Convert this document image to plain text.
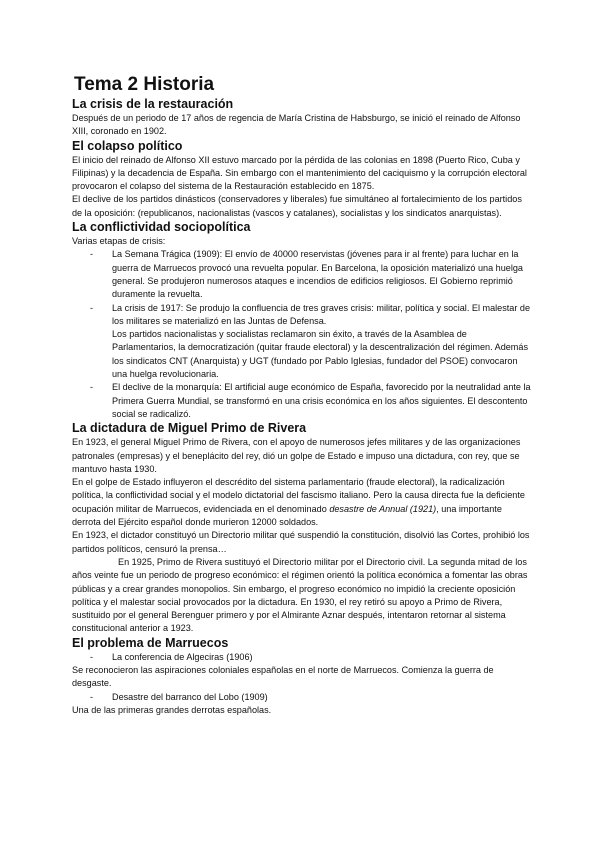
Tema 2 Historia
La crisis de la restauración

Después de un periodo de 17 años de regencia de María Cristina de Habsburgo, se inició el reinado de Alfonso XIII, coronado en 1902.

El colapso político

El inicio del reinado de Alfonso XII estuvo marcado por la pérdida de las colonias en 1898 (Puerto Rico, Cuba y Filipinas) y la decadencia de España. Sin embargo con el mantenimiento del caciquismo y la corrupción electoral provocaron el colapso del sistema de la Restauración establecido en 1875.

El declive de los partidos dinásticos (conservadores y liberales) fue simultáneo al fortalecimiento de los partidos de la oposición: (republicanos, nacionalistas (vascos y catalanes), socialistas y los sindicatos anarquistas).

La conflictividad sociopolítica

Varias etapas de crisis:

- La Semana Trágica (1909): El envío de 40000 reservistas (jóvenes para ir al frente) para luchar en la guerra de Marruecos provocó una revuelta popular. En Barcelona, la oposición materializó una huelga general. Se produjeron numerosos ataques e incendios de edificios religiosos. El Gobierno reprimió duramente la revuelta.
- La crisis de 1917: Se produjo la confluencia de tres graves crisis: militar, política y social. El malestar de los militares se materializó en las Juntas de Defensa.
Los partidos nacionalistas y socialistas reclamaron sin éxito, a través de la Asamblea de Parlamentarios, la democratización (quitar fraude electoral) y la descentralización del régimen. Además los sindicatos CNT (Anarquista) y UGT (fundado por Pablo Iglesias, fundador del PSOE) convocaron una huelga revolucionaria.
- El declive de la monarquía: El artificial auge económico de España, favorecido por la neutralidad ante la Primera Guerra Mundial, se transformó en una crisis económica en los años siguientes. El descontento social se radicalizó.
La dictadura de Miguel Primo de Rivera

En 1923, el general Miguel Primo de Rivera, con el apoyo de numerosos jefes militares y de las organizaciones patronales (empresas) y el beneplácito del rey, dió un golpe de Estado e impuso una dictadura, con rey, que se mantuvo hasta 1930.

En el golpe de Estado influyeron el descrédito del sistema parlamentario (fraude electoral), la radicalización política, la conflictividad social y el modelo dictatorial del fascismo italiano. Pero la causa directa fue la deficiente ocupación militar de Marruecos, evidenciada en el denominado desastre de Annual (1921), una importante derrota del Ejército español donde murieron 12000 soldados.

En 1923, el dictador constituyó un Directorio militar qué suspendió la constitución, disolvió las Cortes, prohibió los partidos políticos, censuró la prensa…

En 1925, Primo de Rivera sustituyó el Directorio militar por el Directorio civil. La segunda mitad de los años veinte fue un periodo de progreso económico: el régimen orientó la política económica a fomentar las obras públicas y a crear grandes monopolios. Sin embargo, el progreso económico no impidió la creciente oposición política y el malestar social provocados por la dictadura. En 1930, el rey retiró su apoyo a Primo de Rivera, sustituido por el general Berenguer primero y por el Almirante Aznar después, intentaron retornar al sistema constitucional anterior a 1923.

El problema de Marruecos
- La conferencia de Algeciras (1906)

Se reconocieron las aspiraciones coloniales españolas en el norte de Marruecos. Comienza la guerra de desgaste.

- Desastre del barranco del Lobo (1909)

Una de las primeras grandes derrotas españolas.
